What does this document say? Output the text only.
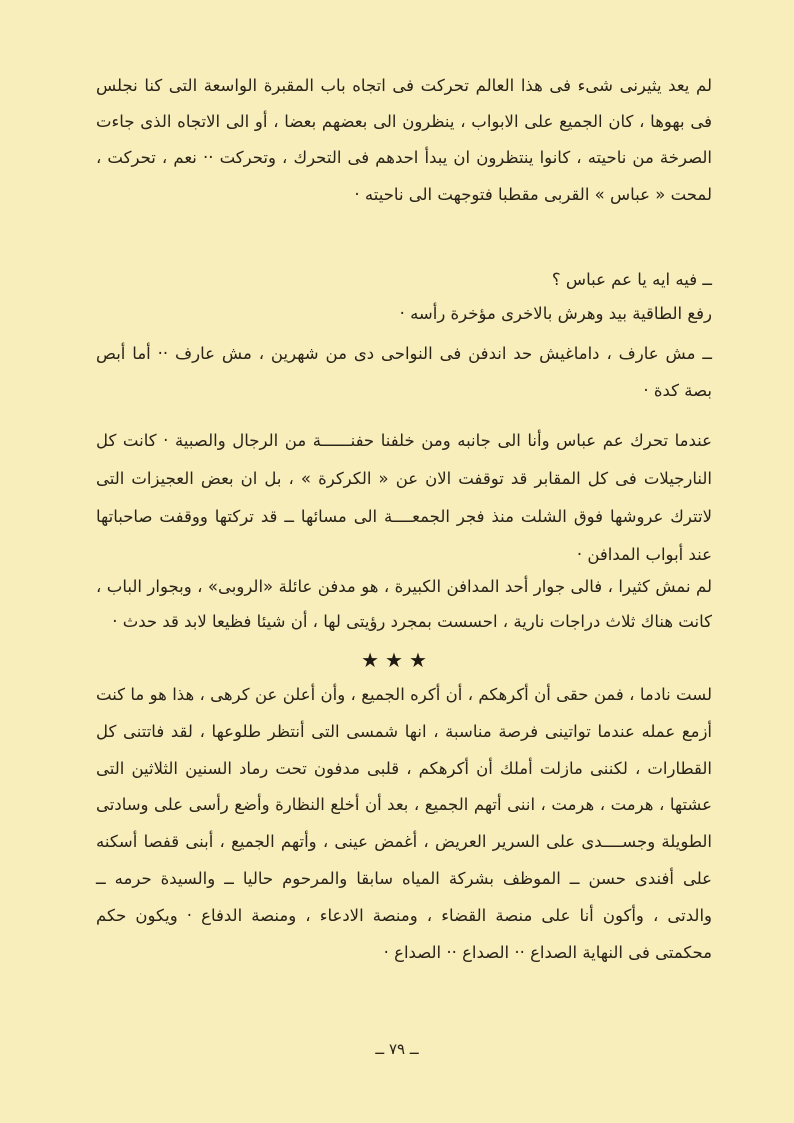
لم يعد يثيرنى شىء فى هذا العالم تحركت فى اتجاه باب المقبرة الواسعة التى كنا نجلس فى بهوها ، كان الجميع على الابواب ، ينظرون الى بعضهم بعضا ، أو الى الاتجاه الذى جاءت الصرخة من ناحيته ، كانوا ينتظرون ان يبدأ احدهم فى التحرك ، وتحركت ·· نعم ، تحركت ، لمحت « عباس » القربى مقطبا فتوجهت الى ناحيته ·

ــ فيه ايه يا عم عباس ؟

رفع الطاقية بيد وهرش بالاخرى مؤخرة رأسه ·

ــ مش عارف ، داماغيش حد اندفن فى النواحى دى من شهرين ، مش عارف ·· أما أبص بصة كدة ·

عندما تحرك عم عباس وأنا الى جانبه ومن خلفنا حفنــــــة من الرجال والصبية · كانت كل النارجيلات فى كل المقابر قد توقفت الان عن « الكركرة » ، بل ان بعض العجيزات التى لاتترك عروشها فوق الشلت منذ فجر الجمعــــة الى مسائها ــ قد تركتها ووقفت صاحباتها عند أبواب المدافن ·

لم نمش كثيرا ، فالى جوار أحد المدافن الكبيرة ، هو مدفن عائلة «الروبى» ، وبجوار الباب ، كانت هناك ثلاث دراجات نارية ، احسست بمجرد رؤيتى لها ، أن شيئا فظيعا لابد قد حدث ·

★★★

لست نادما ، فمن حقى أن أكرهكم ، أن أكره الجميع ، وأن أعلن عن كرهى ، هذا هو ما كنت أزمع عمله عندما تواتينى فرصة مناسبة ، انها شمسى التى أنتظر طلوعها ، لقد فاتتنى كل القطارات ، لكننى مازلت أملك أن أكرهكم ، قلبى مدفون تحت رماد السنين الثلاثين التى عشتها ، هرمت ، هرمت ، اننى أتهم الجميع ، بعد أن أخلع النظارة وأضع رأسى على وسادتى الطويلة وجســــدى على السرير العريض ، أغمض عينى ، وأتهم الجميع ، أبنى قفصا أسكنه على أفندى حسن ــ الموظف بشركة المياه سابقا والمرحوم حاليا ــ والسيدة حرمه ــ والدتى ، وأكون أنا على منصة القضاء ، ومنصة الادعاء ، ومنصة الدفاع · ويكون حكم محكمتى فى النهاية الصداع ·· الصداع ·· الصداع ·

ــ ٧٩ ــ
